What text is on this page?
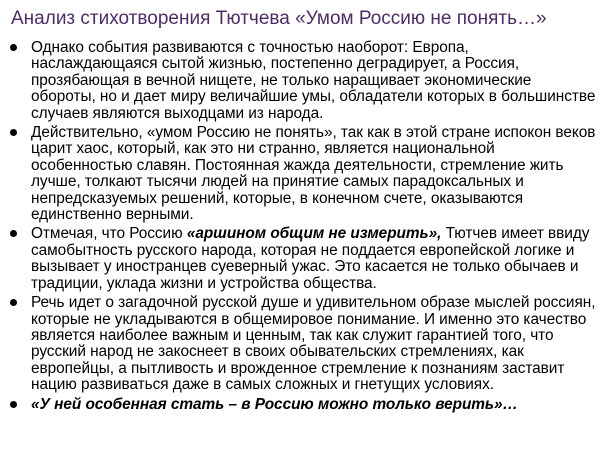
Анализ стихотворения Тютчева «Умом Россию не понять…»
Однако события развиваются с точностью наоборот: Европа, наслаждающаяся сытой жизнью, постепенно деградирует, а Россия, прозябающая в вечной нищете, не только наращивает экономические обороты, но и дает миру величайшие умы, обладатели которых в большинстве случаев являются выходцами из народа.
Действительно, «умом Россию не понять», так как в этой стране испокон веков царит хаос, который, как это ни странно, является национальной особенностью славян. Постоянная жажда деятельности, стремление жить лучше, толкают тысячи людей на принятие самых парадоксальных и непредсказуемых решений, которые, в конечном счете, оказываются единственно верными.
Отмечая, что Россию «аршином общим не измерить», Тютчев имеет ввиду самобытность русского народа, которая не поддается европейской логике и вызывает у иностранцев суеверный ужас. Это касается не только обычаев и традиции, уклада жизни и устройства общества.
Речь идет о загадочной русской душе и удивительном образе мыслей россиян, которые не укладываются в общемировое понимание. И именно это качество является наиболее важным и ценным, так как служит гарантией того, что русский народ не закоснеет в своих обывательских стремлениях, как европейцы, а пытливость и врожденное стремление к познаниям заставит нацию развиваться даже в самых сложных и гнетущих условиях.
«У ней особенная стать – в Россию можно только верить»…
